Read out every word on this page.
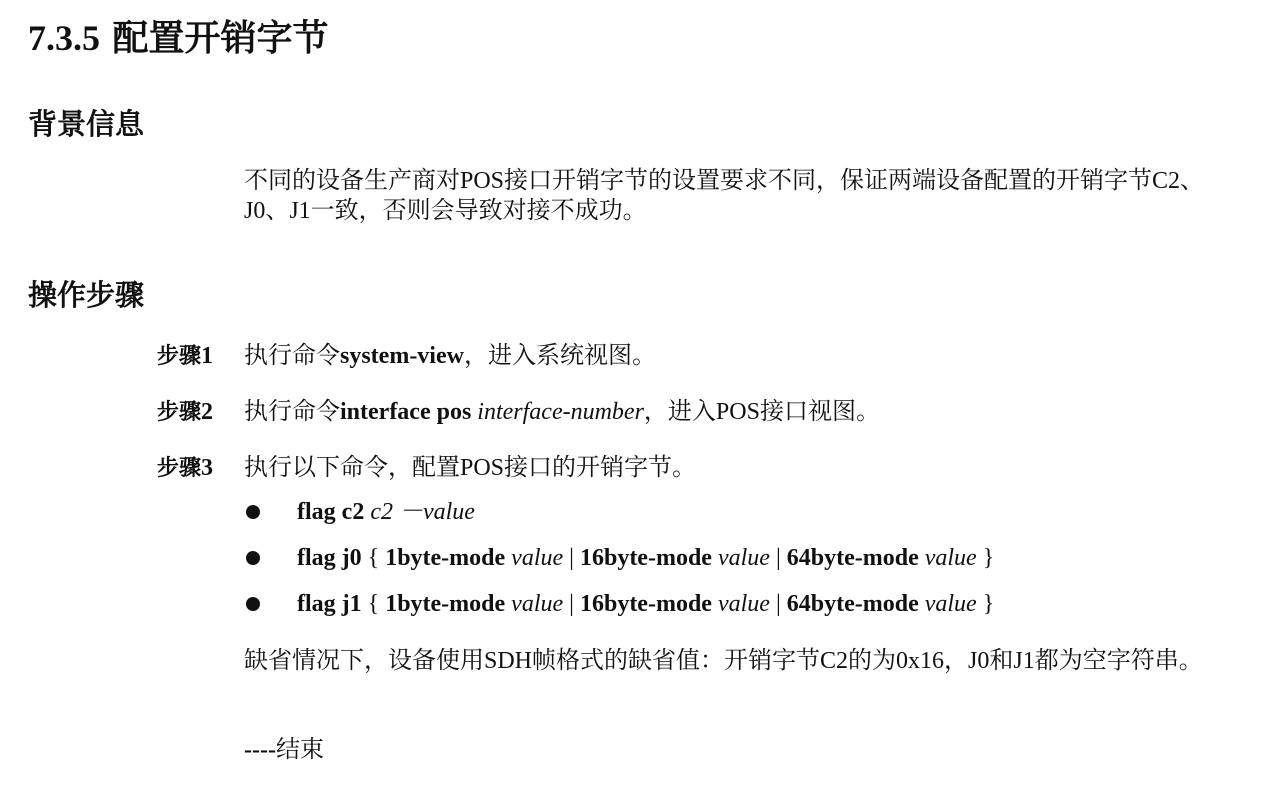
7.3.5 配置开销字节
背景信息

不同的设备生产商对POS接口开销字节的设置要求不同，保证两端设备配置的开销字节C2、J0、J1一致，否则会导致对接不成功。

操作步骤
步骤1 执行命令system-view，进入系统视图。
步骤2 执行命令interface pos interface-number，进入POS接口视图。
步骤3 执行以下命令，配置POS接口的开销字节。
flag c2 c2 －value
flag j0 { 1byte-mode value | 16byte-mode value | 64byte-mode value }
flag j1 { 1byte-mode value | 16byte-mode value | 64byte-mode value }

缺省情况下，设备使用SDH帧格式的缺省值：开销字节C2的为0x16，J0和J1都为空字符串。

----结束
